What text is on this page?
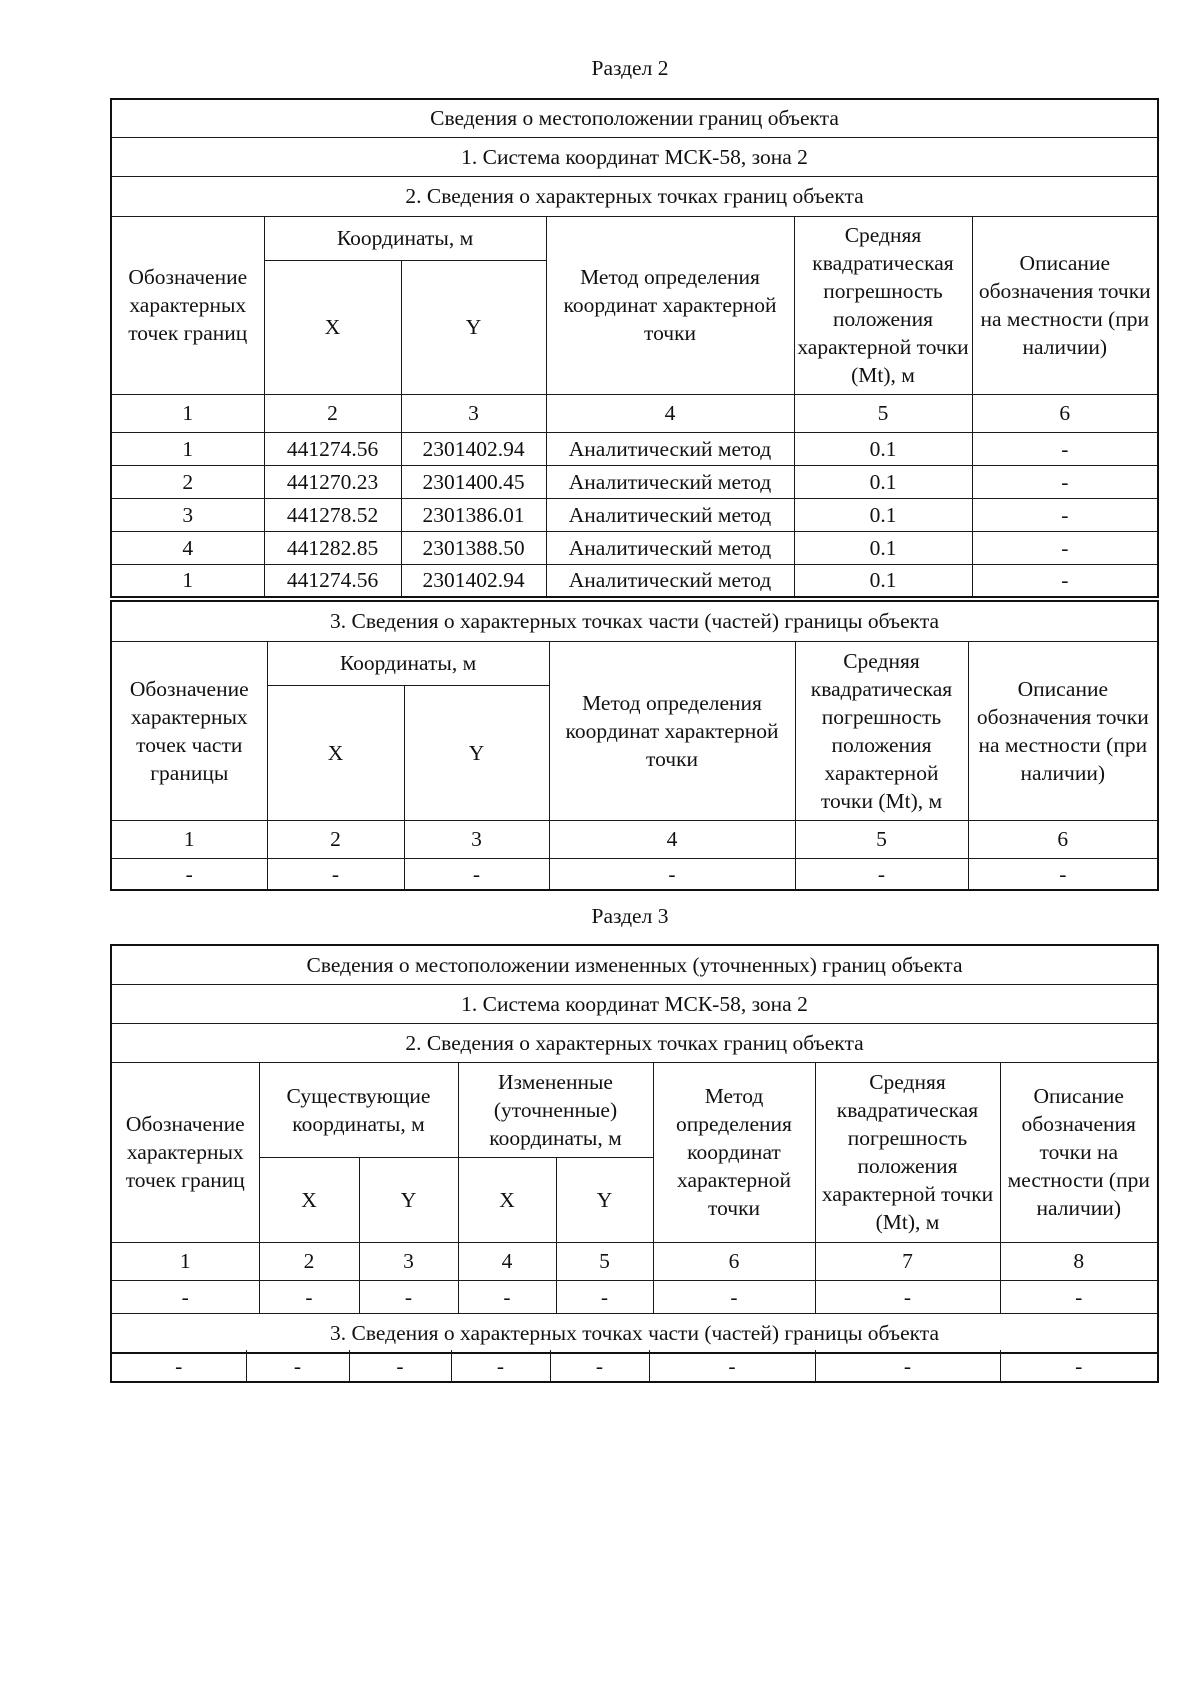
Раздел 2
Сведения о местоположении границ объекта					
1. Система координат МСК-58, зона 2					
2. Сведения о характерных точках границ объекта					
Обозначение характерных точек границ	Координаты, м		Метод определения координат характерной точки	Средняя квадратическая погрешность положения характерной точки (Mt), м	Описание обозначения точки на местности (при наличии)
	X	Y			
1	2	3	4	5	6
1	441274.56	2301402.94	Аналитический метод	0.1	-
2	441270.23	2301400.45	Аналитический метод	0.1	-
3	441278.52	2301386.01	Аналитический метод	0.1	-
4	441282.85	2301388.50	Аналитический метод	0.1	-
1	441274.56	2301402.94	Аналитический метод	0.1	-
3. Сведения о характерных точках части (частей) границы объекта					
Обозначение характерных точек части границы	Координаты, м		Метод определения координат характерной точки	Средняя квадратическая погрешность положения характерной точки (Mt), м	Описание обозначения точки на местности (при наличии)
	X	Y			
1	2	3	4	5	6
-	-	-	-	-	-
Раздел 3
Сведения о местоположении измененных (уточненных) границ объекта							
1. Система координат МСК-58, зона 2							
2. Сведения о характерных точках границ объекта							
Обозначение характерных точек границ	Существующие координаты, м		Измененные (уточненные) координаты, м		Метод определения координат характерной точки	Средняя квадратическая погрешность положения характерной точки (Mt), м	Описание обозначения точки на местности (при наличии)
	X	Y	X	Y			
1	2	3	4	5	6	7	8
-	-	-	-	-	-	-	-
3. Сведения о характерных точках части (частей) границы объекта							
-	-	-	-	-	-	-	-
